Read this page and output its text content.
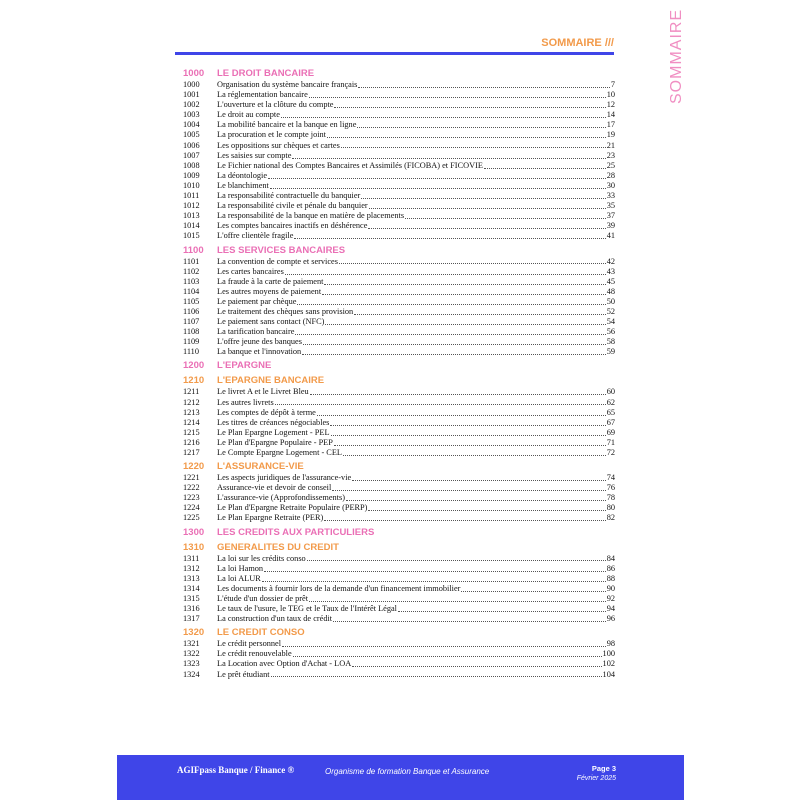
SOMMAIRE
SOMMAIRE ///
1000 LE DROIT BANCAIRE
1000	Organisation du système bancaire français	7
1001	La réglementation bancaire	10
1002	L'ouverture et la clôture du compte	12
1003	Le droit au compte	14
1004	La mobilité bancaire et la banque en ligne	17
1005	La procuration et le compte joint	19
1006	Les oppositions sur chèques et cartes	21
1007	Les saisies sur compte	23
1008	Le Fichier national des Comptes Bancaires et Assimilés (FICOBA) et FICOVIE	25
1009	La déontologie	28
1010	Le blanchiment	30
1011	La responsabilité contractuelle du banquier	33
1012	La responsabilité civile et pénale du banquier	35
1013	La responsabilité de la banque en matière de placements	37
1014	Les comptes bancaires inactifs en déshérence	39
1015	L'offre clientèle fragile	41
1100 LES SERVICES BANCAIRES
1101	La convention de compte et services	42
1102	Les cartes bancaires	43
1103	La fraude à la carte de paiement	45
1104	Les autres moyens de paiement	48
1105	Le paiement par chèque	50
1106	Le traitement des chèques sans provision	52
1107	Le paiement sans contact (NFC)	54
1108	La tarification bancaire	56
1109	L'offre jeune des banques	58
1110	La banque et l'innovation	59
1200 L'EPARGNE
1210 L'EPARGNE BANCAIRE
1211	Le livret A et le Livret Bleu	60
1212	Les autres livrets	62
1213	Les comptes de dépôt à terme	65
1214	Les titres de créances négociables	67
1215	Le Plan Epargne Logement - PEL	69
1216	Le Plan d'Epargne Populaire - PEP	71
1217	Le Compte Epargne Logement - CEL	72
1220 L'ASSURANCE-VIE
1221	Les aspects juridiques de l'assurance-vie	74
1222	Assurance-vie et devoir de conseil	76
1223	L'assurance-vie (Approfondissements)	78
1224	Le Plan d'Epargne Retraite Populaire (PERP)	80
1225	Le Plan Epargne Retraite (PER)	82
1300 LES CREDITS AUX PARTICULIERS
1310 GENERALITES DU CREDIT
1311	La loi sur les crédits conso	84
1312	La loi Hamon	86
1313	La loi ALUR	88
1314	Les documents à fournir lors de la demande d'un financement immobilier	90
1315	L'étude d'un dossier de prêt	92
1316	Le taux de l'usure, le TEG et le Taux de l'Intérêt Légal	94
1317	La construction d'un taux de crédit	96
1320 LE CREDIT CONSO
1321	Le crédit personnel	98
1322	Le crédit renouvelable	100
1323	La Location avec Option d'Achat - LOA	102
1324	Le prêt étudiant	104
AGIFpass Banque / Finance ®	Organisme de formation Banque et Assurance	Page 3
Février 2025
